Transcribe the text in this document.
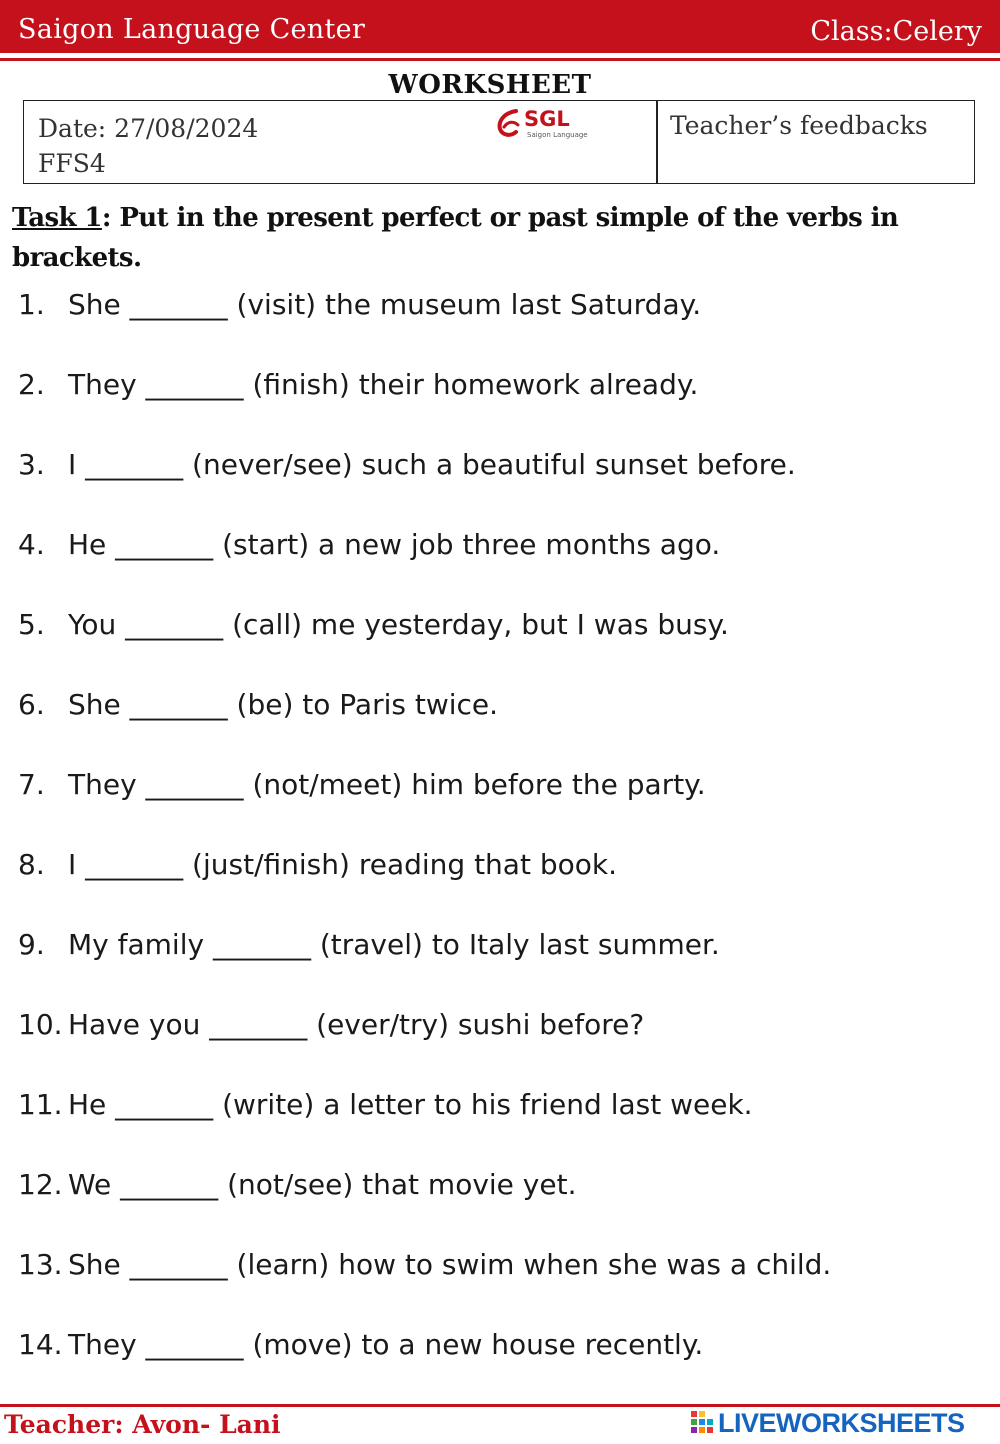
Saigon Language Center	Class:Celery
WORKSHEET
Date: 27/08/2024
FFS4
SGL
Saigon Language	Teacher’s feedbacks
Task 1: Put in the present perfect or past simple of the verbs in brackets.
1. She _______ (visit) the museum last Saturday.
2. They _______ (finish) their homework already.
3. I _______ (never/see) such a beautiful sunset before.
4. He _______ (start) a new job three months ago.
5. You _______ (call) me yesterday, but I was busy.
6. She _______ (be) to Paris twice.
7. They _______ (not/meet) him before the party.
8. I _______ (just/finish) reading that book.
9. My family _______ (travel) to Italy last summer.
10. Have you _______ (ever/try) sushi before?
11. He _______ (write) a letter to his friend last week.
12. We _______ (not/see) that movie yet.
13. She _______ (learn) how to swim when she was a child.
14. They _______ (move) to a new house recently.
Teacher: Avon- Lani	LIVEWORKSHEETS
